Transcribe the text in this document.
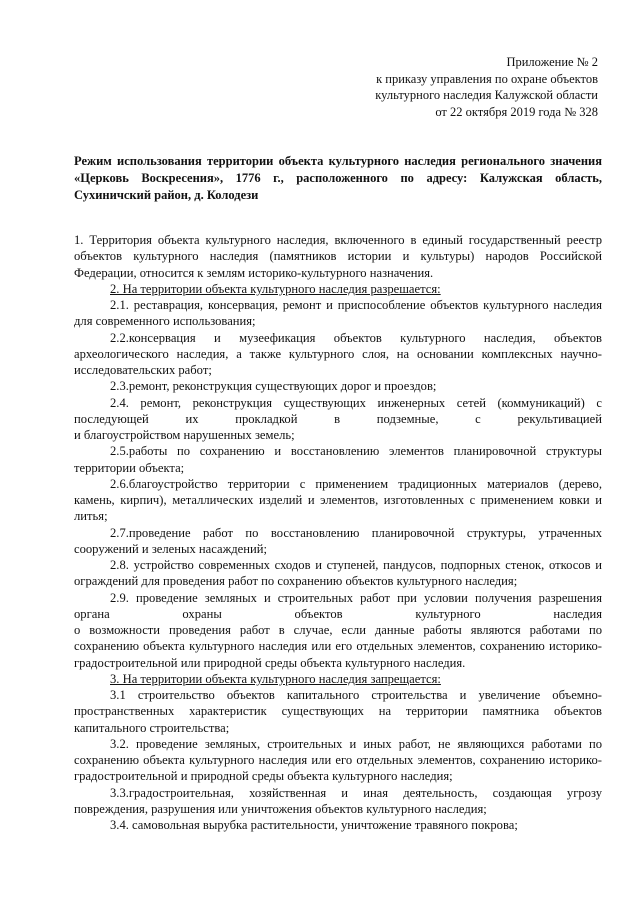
Приложение № 2
к приказу управления по охране объектов
культурного наследия Калужской области
от 22 октября 2019 года № 328
Режим использования территории объекта культурного наследия регионального значения «Церковь Воскресения», 1776 г., расположенного по адресу: Калужская область, Сухиничский район, д. Колодези

1. Территория объекта культурного наследия, включенного в единый государственный реестр объектов культурного наследия (памятников истории и культуры) народов Российской Федерации, относится к землям историко-культурного назначения.

2. На территории объекта культурного наследия разрешается:

2.1. реставрация, консервация, ремонт и приспособление объектов культурного наследия для современного использования;

2.2.консервация и музеефикация объектов культурного наследия, объектов археологического наследия, а также культурного слоя, на основании комплексных научно-исследовательских работ;

2.3.ремонт, реконструкция существующих дорог и проездов;

2.4. ремонт, реконструкция существующих инженерных сетей (коммуникаций) с последующей их прокладкой в подземные, с рекультивацией

и благоустройством нарушенных земель;

2.5.работы по сохранению и восстановлению элементов планировочной структуры территории объекта;

2.6.благоустройство территории с применением традиционных материалов (дерево, камень, кирпич), металлических изделий и элементов, изготовленных с применением ковки и литья;

2.7.проведение работ по восстановлению планировочной структуры, утраченных сооружений и зеленых насаждений;

2.8. устройство современных сходов и ступеней, пандусов, подпорных стенок, откосов и ограждений для проведения работ по сохранению объектов культурного наследия;

2.9. проведение земляных и строительных работ при условии получения разрешения органа охраны объектов культурного наследия

о возможности проведения работ в случае, если данные работы являются работами по сохранению объекта культурного наследия или его отдельных элементов, сохранению историко-градостроительной или природной среды объекта культурного наследия.

3. На территории объекта культурного наследия запрещается:

3.1 строительство объектов капитального строительства и увеличение объемно-пространственных характеристик существующих на территории памятника объектов капитального строительства;

3.2. проведение земляных, строительных и иных работ, не являющихся работами по сохранению объекта культурного наследия или его отдельных элементов, сохранению историко-градостроительной и природной среды объекта культурного наследия;

3.3.градостроительная, хозяйственная и иная деятельность, создающая угрозу повреждения, разрушения или уничтожения объектов культурного наследия;

3.4. самовольная вырубка растительности, уничтожение травяного покрова;
